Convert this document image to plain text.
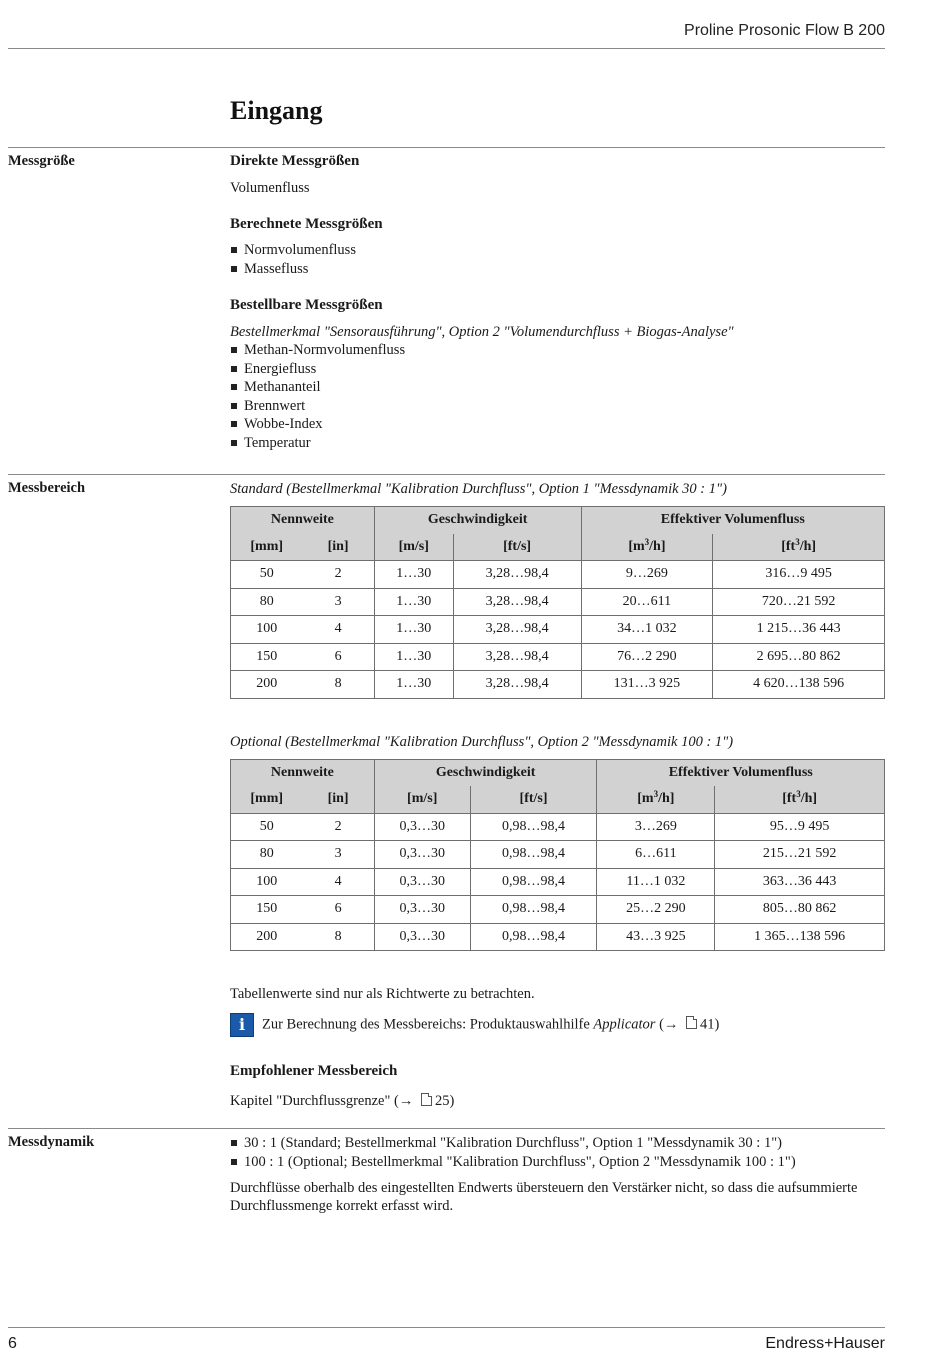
Proline Prosonic Flow B 200
Eingang
Messgröße	Direkte Messgrößen

Volumenfluss

Berechnete Messgrößen

Normvolumenfluss
Massefluss

Bestellbare Messgrößen

Bestellmerkmal "Sensorausführung", Option 2 "Volumendurchfluss + Biogas-Analyse"

Methan-Normvolumenfluss
Energiefluss
Methananteil
Brennwert
Wobbe-Index
Temperatur
Messbereich	Standard (Bestellmerkmal "Kalibration Durchfluss", Option 1 "Messdynamik 30 : 1")

Nennweite		Geschwindigkeit		Effektiver Volumenfluss	
[mm]	[in]	[m/s]	[ft/s]	$[m^3/h]$	$[ft^3/h]$
50	2	1…30	3,28…98,4	9…269	316…9 495
80	3	1…30	3,28…98,4	20…611	720…21 592
100	4	1…30	3,28…98,4	34…1 032	1 215…36 443
150	6	1…30	3,28…98,4	76…2 290	2 695…80 862
200	8	1…30	3,28…98,4	131…3 925	4 620…138 596

Optional (Bestellmerkmal "Kalibration Durchfluss", Option 2 "Messdynamik 100 : 1")

Nennweite		Geschwindigkeit		Effektiver Volumenfluss	
[mm]	[in]	[m/s]	[ft/s]	$[m^3/h]$	$[ft^3/h]$
50	2	0,3…30	0,98…98,4	3…269	95…9 495
80	3	0,3…30	0,98…98,4	6…611	215…21 592
100	4	0,3…30	0,98…98,4	11…1 032	363…36 443
150	6	0,3…30	0,98…98,4	25…2 290	805…80 862
200	8	0,3…30	0,98…98,4	43…3 925	1 365…138 596

Tabellenwerte sind nur als Richtwerte zu betrachten.

i Zur Berechnung des Messbereichs: Produktauswahlhilfe Applicator (→ 41)

Empfohlener Messbereich

Kapitel "Durchflussgrenze" (→ 25)

Messdynamik	30 : 1 (Standard; Bestellmerkmal "Kalibration Durchfluss", Option 1 "Messdynamik 30 : 1")
100 : 1 (Optional; Bestellmerkmal "Kalibration Durchfluss", Option 2 "Messdynamik 100 : 1")

Durchflüsse oberhalb des eingestellten Endwerts übersteuern den Verstärker nicht, so dass die aufsummierte Durchflussmenge korrekt erfasst wird.

6	Endress+Hauser
